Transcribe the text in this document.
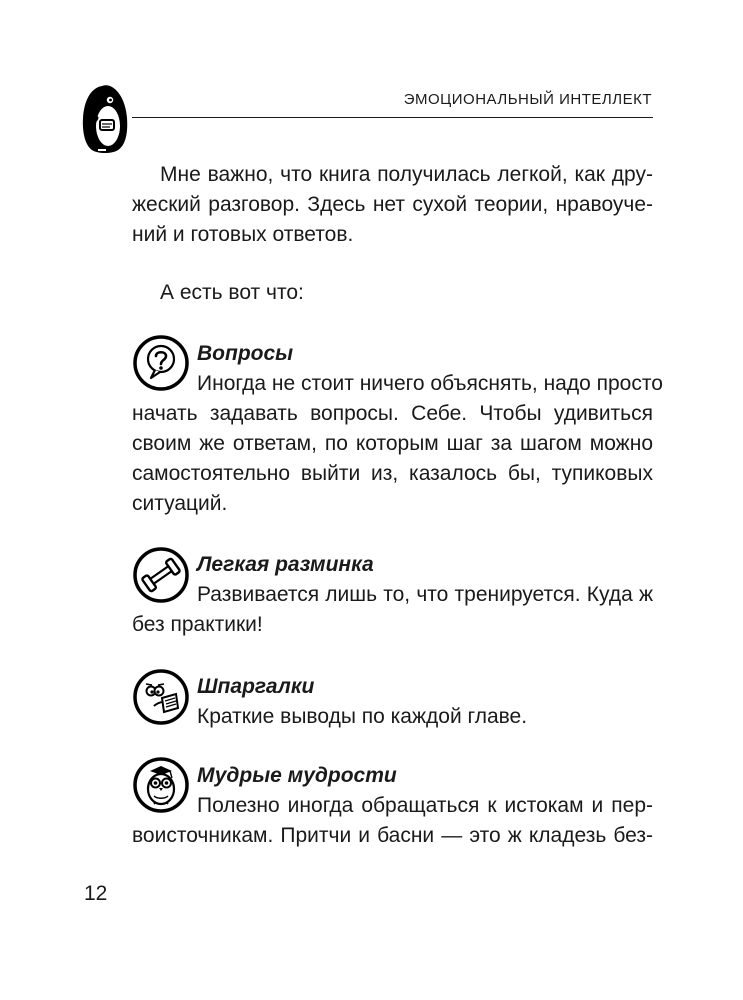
ЭМОЦИОНАЛЬНЫЙ ИНТЕЛЛЕКТ
Мне важно, что книга получилась легкой, как дру-
жеский разговор. Здесь нет сухой теории, нравоуче-
ний и готовых ответов.
А есть вот что:
Вопросы
Иногда не стоит ничего объяснять, надо просто
начать задавать вопросы. Себе. Чтобы удивиться
своим же ответам, по которым шаг за шагом можно
самостоятельно выйти из, казалось бы, тупиковых
ситуаций.
Легкая разминка
Развивается лишь то, что тренируется. Куда ж
без практики!
Шпаргалки
Краткие выводы по каждой главе.
Мудрые мудрости
Полезно иногда обращаться к истокам и пер-
воисточникам. Притчи и басни — это ж кладезь без-
12
